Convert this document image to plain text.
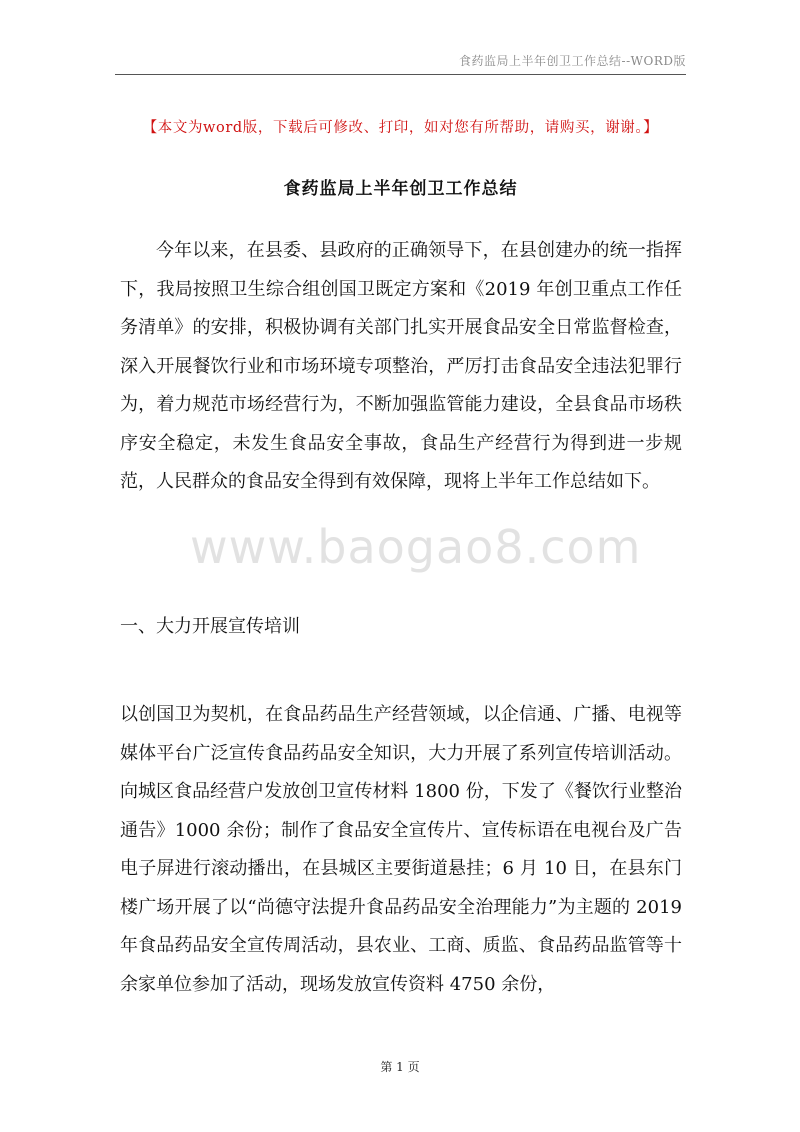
食药监局上半年创卫工作总结--WORD版
【本文为word版，下载后可修改、打印，如对您有所帮助，请购买，谢谢。】
食药监局上半年创卫工作总结
今年以来，在县委、县政府的正确领导下，在县创建办的统一指挥下，我局按照卫生综合组创国卫既定方案和《2019 年创卫重点工作任务清单》的安排，积极协调有关部门扎实开展食品安全日常监督检查，深入开展餐饮行业和市场环境专项整治，严厉打击食品安全违法犯罪行为，着力规范市场经营行为，不断加强监管能力建设，全县食品市场秩序安全稳定，未发生食品安全事故，食品生产经营行为得到进一步规范，人民群众的食品安全得到有效保障，现将上半年工作总结如下。
www.baogao8.com
一、大力开展宣传培训
以创国卫为契机，在食品药品生产经营领域，以企信通、广播、电视等媒体平台广泛宣传食品药品安全知识，大力开展了系列宣传培训活动。向城区食品经营户发放创卫宣传材料 1800 份，下发了《餐饮行业整治通告》1000 余份；制作了食品安全宣传片、宣传标语在电视台及广告电子屏进行滚动播出，在县城区主要街道悬挂；6 月 10 日，在县东门楼广场开展了以“尚德守法提升食品药品安全治理能力”为主题的 2019 年食品药品安全宣传周活动，县农业、工商、质监、食品药品监管等十余家单位参加了活动，现场发放宣传资料 4750 余份，
第 1 页
